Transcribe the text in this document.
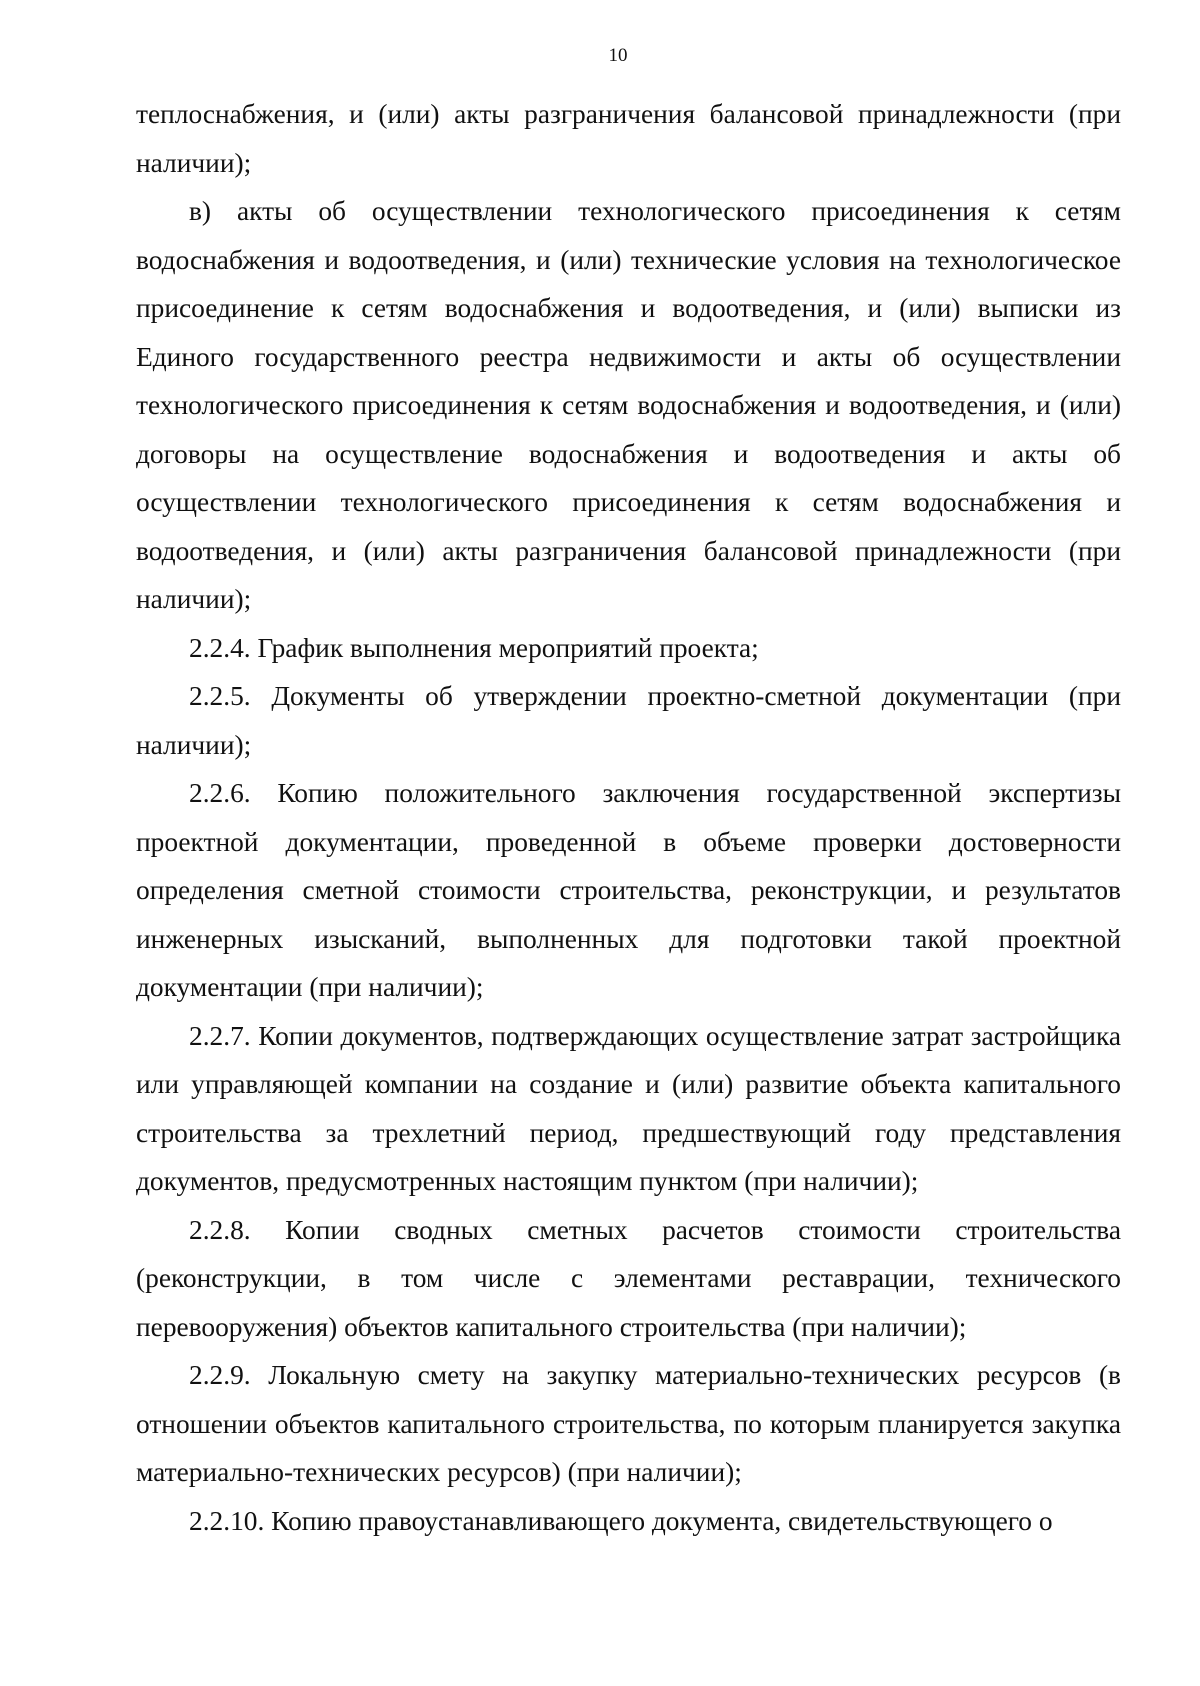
10

теплоснабжения, и (или) акты разграничения балансовой принадлежности (при наличии);

в) акты об осуществлении технологического присоединения к сетям водоснабжения и водоотведения, и (или) технические условия на технологическое присоединение к сетям водоснабжения и водоотведения, и (или) выписки из Единого государственного реестра недвижимости и акты об осуществлении технологического присоединения к сетям водоснабжения и водоотведения, и (или) договоры на осуществление водоснабжения и водоотведения и акты об осуществлении технологического присоединения к сетям водоснабжения и водоотведения, и (или) акты разграничения балансовой принадлежности (при наличии);

2.2.4. График выполнения мероприятий проекта;

2.2.5. Документы об утверждении проектно-сметной документации (при наличии);

2.2.6. Копию положительного заключения государственной экспертизы проектной документации, проведенной в объеме проверки достоверности определения сметной стоимости строительства, реконструкции, и результатов инженерных изысканий, выполненных для подготовки такой проектной документации (при наличии);

2.2.7. Копии документов, подтверждающих осуществление затрат застройщика или управляющей компании на создание и (или) развитие объекта капитального строительства за трехлетний период, предшествующий году представления документов, предусмотренных настоящим пунктом (при наличии);

2.2.8. Копии сводных сметных расчетов стоимости строительства (реконструкции, в том числе с элементами реставрации, технического перевооружения) объектов капитального строительства (при наличии);

2.2.9. Локальную смету на закупку материально-технических ресурсов (в отношении объектов капитального строительства, по которым планируется закупка материально-технических ресурсов) (при наличии);

2.2.10. Копию правоустанавливающего документа, свидетельствующего о
